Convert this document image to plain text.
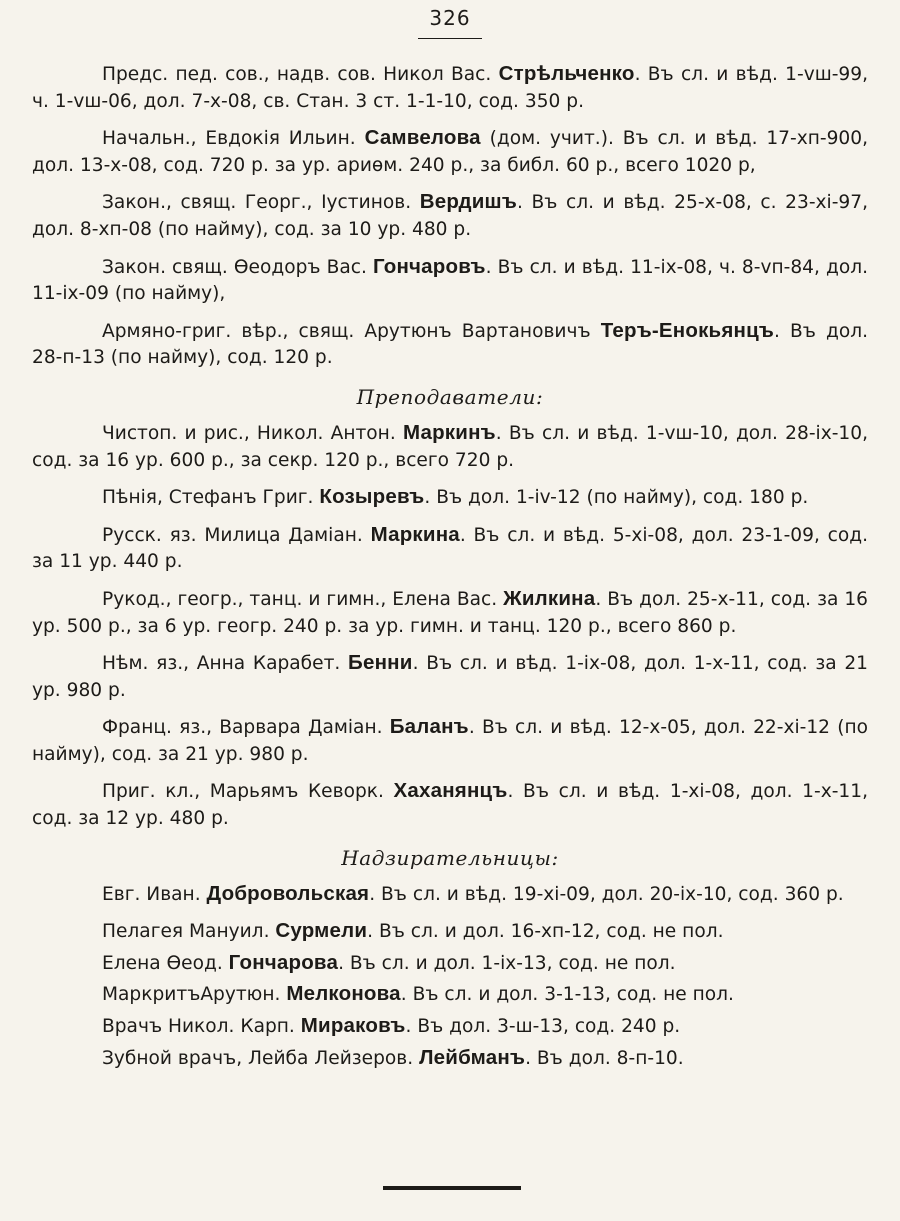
326

Предс. пед. сов., надв. сов. Никол Вас. Стрѣльченко. Въ сл. и вѣд. 1-vш-99, ч. 1-vш-06, дол. 7-х-08, св. Стан. 3 ст. 1-1-10, сод. 350 р.

Начальн., Евдокія Ильин. Самвелова (дом. учит.). Въ сл. и вѣд. 17-хп-900, дол. 13-х-08, сод. 720 р. за ур. ариѳм. 240 р., за библ. 60 р., всего 1020 р,

Закон., свящ. Георг., Іустинов. Вердишъ. Въ сл. и вѣд. 25-х-08, с. 23-хі-97, дол. 8-хп-08 (по найму), сод. за 10 ур. 480 р.

Закон. свящ. Ѳеодоръ Вас. Гончаровъ. Въ сл. и вѣд. 11-іх-08, ч. 8-vп-84, дол. 11-іх-09 (по найму),

Армяно-григ. вѣр., свящ. Арутюнъ Вартановичъ Теръ-Енокьянцъ. Въ дол. 28-п-13 (по найму), сод. 120 р.

Преподаватели:

Чистоп. и рис., Никол. Антон. Маркинъ. Въ сл. и вѣд. 1-vш-10, дол. 28-іх-10, сод. за 16 ур. 600 р., за секр. 120 р., всего 720 р.

Пѣнія, Стефанъ Григ. Козыревъ. Въ дол. 1-іv-12 (по найму), сод. 180 р.

Русск. яз. Милица Даміан. Маркина. Въ сл. и вѣд. 5-хі-08, дол. 23-1-09, сод. за 11 ур. 440 р.

Рукод., геогр., танц. и гимн., Елена Вас. Жилкина. Въ дол. 25-х-11, сод. за 16 ур. 500 р., за 6 ур. геогр. 240 р. за ур. гимн. и танц. 120 р., всего 860 р.

Нѣм. яз., Анна Карабет. Бенни. Въ сл. и вѣд. 1-іх-08, дол. 1-х-11, сод. за 21 ур. 980 р.

Франц. яз., Варвара Даміан. Баланъ. Въ сл. и вѣд. 12-х-05, дол. 22-хі-12 (по найму), сод. за 21 ур. 980 р.

Приг. кл., Марьямъ Кеворк. Хаханянцъ. Въ сл. и вѣд. 1-хі-08, дол. 1-х-11, сод. за 12 ур. 480 р.

Надзирательницы:

Евг. Иван. Добровольская. Въ сл. и вѣд. 19-хі-09, дол. 20-іх-10, сод. 360 р.

Пелагея Мануил. Сурмели. Въ сл. и дол. 16-хп-12, сод. не пол.

Елена Ѳеод. Гончарова. Въ сл. и дол. 1-іх-13, сод. не пол.

МаркритъАрутюн. Мелконова. Въ сл. и дол. 3-1-13, сод. не пол.

Врачъ Никол. Карп. Мираковъ. Въ дол. 3-ш-13, сод. 240 р.

Зубной врачъ, Лейба Лейзеров. Лейбманъ. Въ дол. 8-п-10.
